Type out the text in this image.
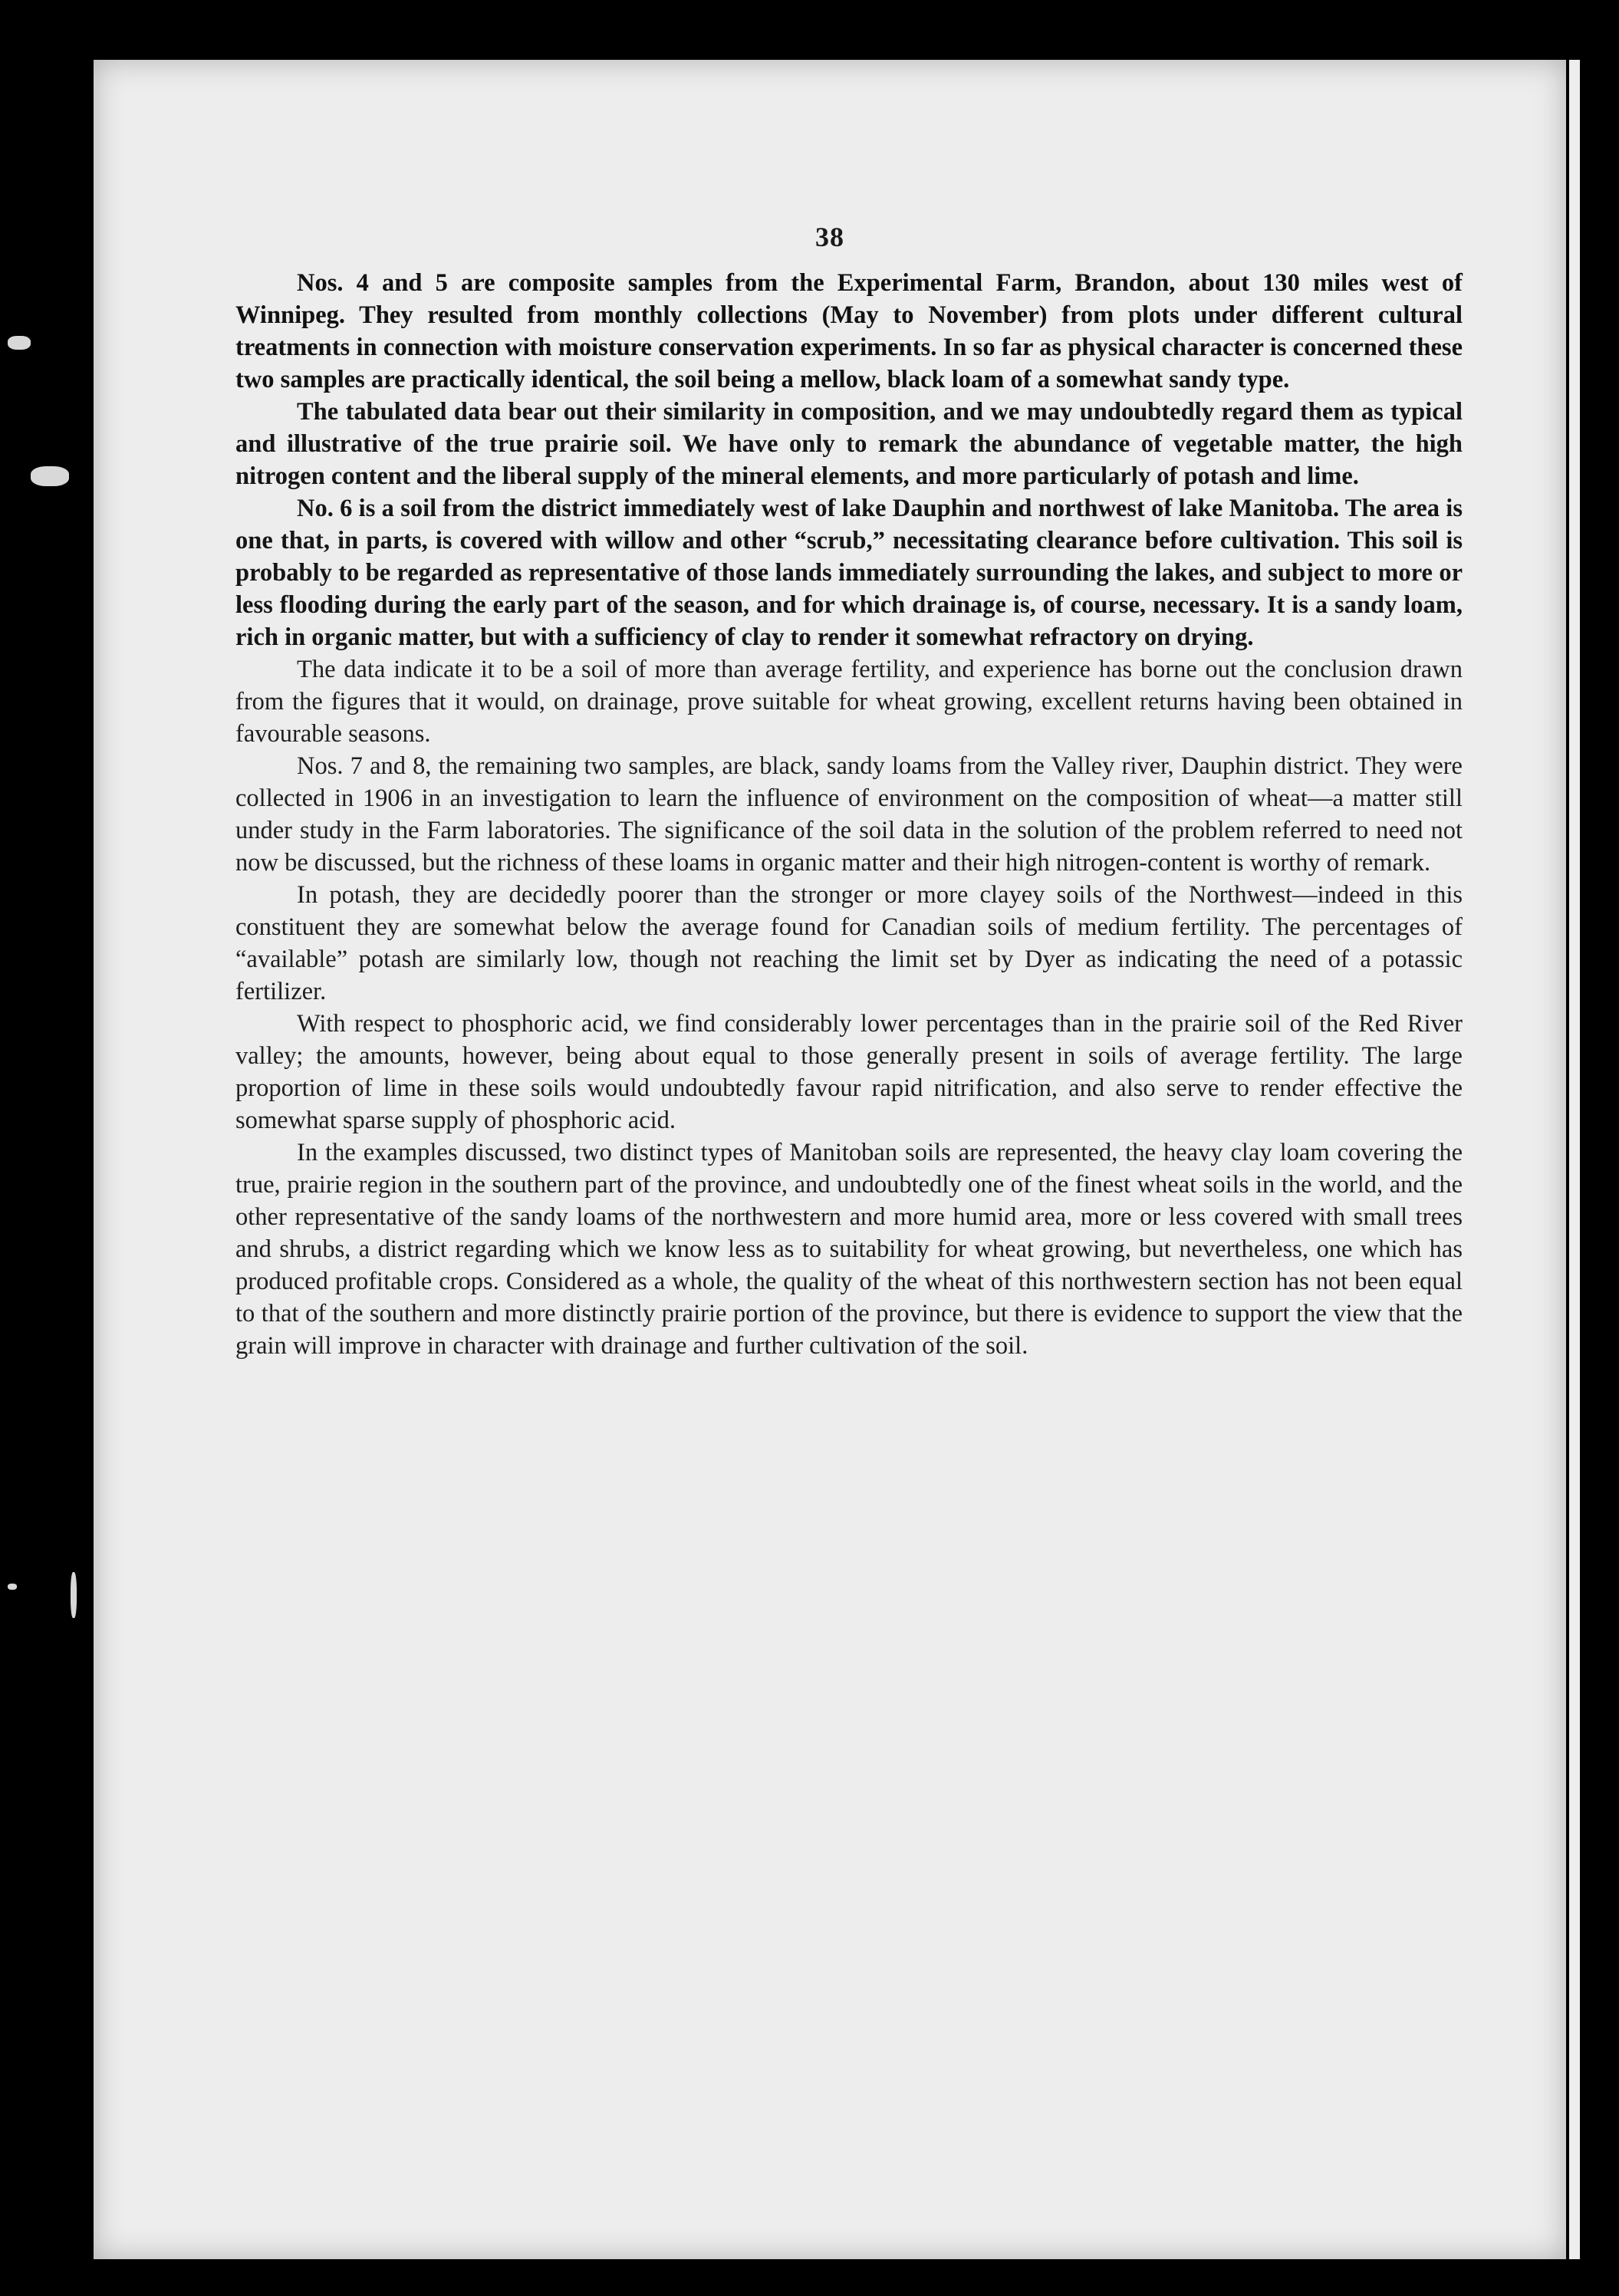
38

Nos. 4 and 5 are composite samples from the Experimental Farm, Brandon, about 130 miles west of Winnipeg. They resulted from monthly collections (May to November) from plots under different cultural treatments in connection with moisture conservation experiments. In so far as physical character is concerned these two samples are practically identical, the soil being a mellow, black loam of a somewhat sandy type.

The tabulated data bear out their similarity in composition, and we may undoubtedly regard them as typical and illustrative of the true prairie soil. We have only to remark the abundance of vegetable matter, the high nitrogen content and the liberal supply of the mineral elements, and more particularly of potash and lime.

No. 6 is a soil from the district immediately west of lake Dauphin and northwest of lake Manitoba. The area is one that, in parts, is covered with willow and other “scrub,” necessitating clearance before cultivation. This soil is probably to be regarded as representative of those lands immediately surrounding the lakes, and subject to more or less flooding during the early part of the season, and for which drainage is, of course, necessary. It is a sandy loam, rich in organic matter, but with a sufficiency of clay to render it somewhat refractory on drying.

The data indicate it to be a soil of more than average fertility, and experience has borne out the conclusion drawn from the figures that it would, on drainage, prove suitable for wheat growing, excellent returns having been obtained in favourable seasons.

Nos. 7 and 8, the remaining two samples, are black, sandy loams from the Valley river, Dauphin district. They were collected in 1906 in an investigation to learn the influence of environment on the composition of wheat—a matter still under study in the Farm laboratories. The significance of the soil data in the solution of the problem referred to need not now be discussed, but the richness of these loams in organic matter and their high nitrogen-content is worthy of remark.

In potash, they are decidedly poorer than the stronger or more clayey soils of the Northwest—indeed in this constituent they are somewhat below the average found for Canadian soils of medium fertility. The percentages of “available” potash are similarly low, though not reaching the limit set by Dyer as indicating the need of a potassic fertilizer.

With respect to phosphoric acid, we find considerably lower percentages than in the prairie soil of the Red River valley; the amounts, however, being about equal to those generally present in soils of average fertility. The large proportion of lime in these soils would undoubtedly favour rapid nitrification, and also serve to render effective the somewhat sparse supply of phosphoric acid.

In the examples discussed, two distinct types of Manitoban soils are represented, the heavy clay loam covering the true, prairie region in the southern part of the province, and undoubtedly one of the finest wheat soils in the world, and the other representative of the sandy loams of the northwestern and more humid area, more or less covered with small trees and shrubs, a district regarding which we know less as to suitability for wheat growing, but nevertheless, one which has produced profitable crops. Considered as a whole, the quality of the wheat of this northwestern section has not been equal to that of the southern and more distinctly prairie portion of the province, but there is evidence to support the view that the grain will improve in character with drainage and further cultivation of the soil.
